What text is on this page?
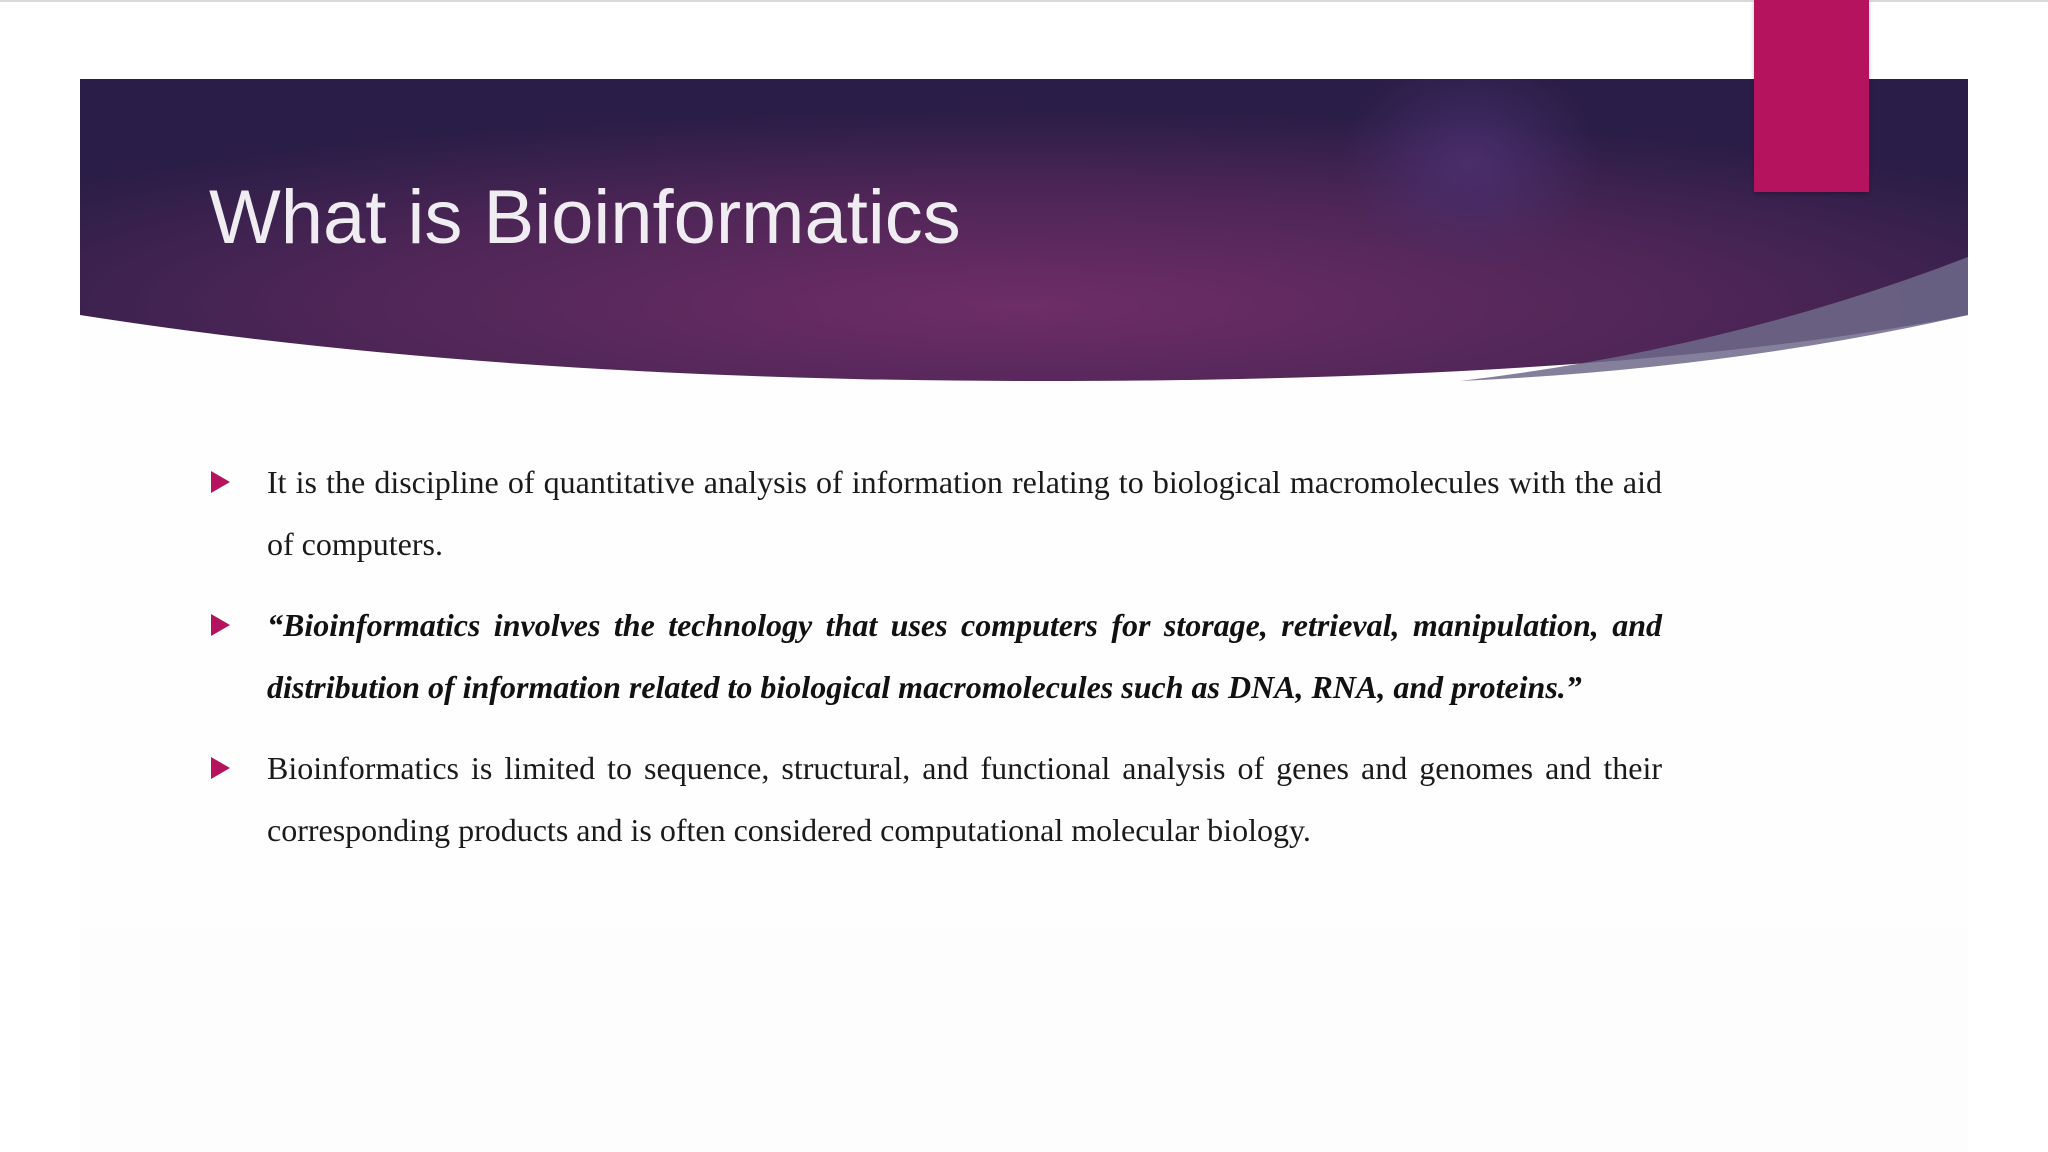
What is Bioinformatics
It is the discipline of quantitative analysis of information relating to biological macromolecules with the aid of computers.
“Bioinformatics involves the technology that uses computers for storage, retrieval, manipulation, and distribution of information related to biological macromolecules such as DNA, RNA, and proteins.”
Bioinformatics is limited to sequence, structural, and functional analysis of genes and genomes and their corresponding products and is often considered computational molecular biology.
